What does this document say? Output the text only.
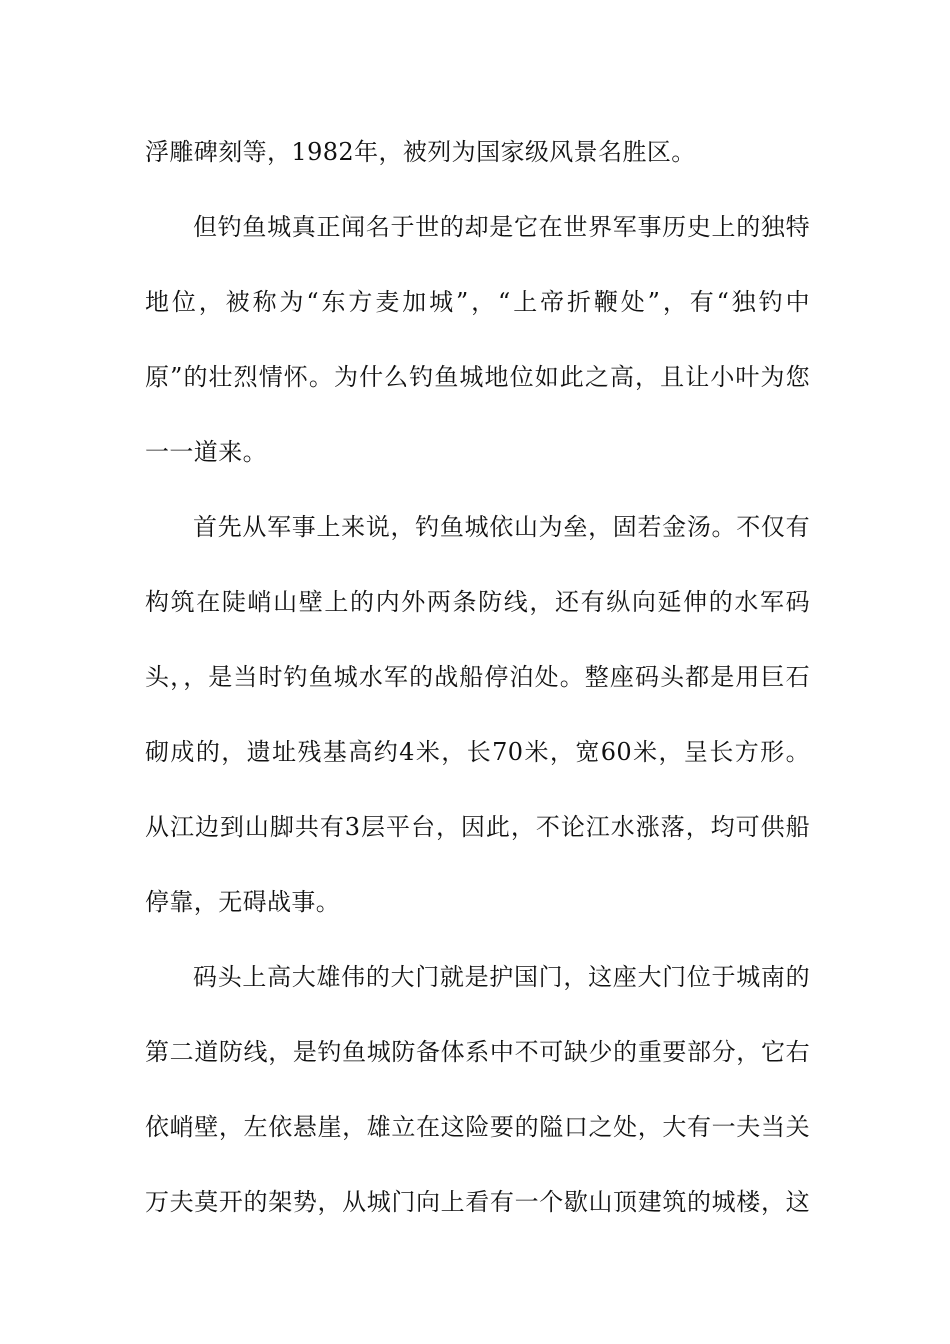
浮雕碑刻等，1982年，被列为国家级风景名胜区。
但钓鱼城真正闻名于世的却是它在世界军事历史上的独特
地位，被称为“东方麦加城”，“上帝折鞭处”，有“独钓中
原”的壮烈情怀。为什么钓鱼城地位如此之高，且让小叶为您
一一道来。
首先从军事上来说，钓鱼城依山为垒，固若金汤。不仅有
构筑在陡峭山壁上的内外两条防线，还有纵向延伸的水军码
头，，是当时钓鱼城水军的战船停泊处。整座码头都是用巨石
砌成的，遗址残基高约4米，长70米，宽60米，呈长方形。
从江边到山脚共有3层平台，因此，不论江水涨落，均可供船
停靠，无碍战事。
码头上高大雄伟的大门就是护国门，这座大门位于城南的
第二道防线，是钓鱼城防备体系中不可缺少的重要部分，它右
依峭壁，左依悬崖，雄立在这险要的隘口之处，大有一夫当关
万夫莫开的架势，从城门向上看有一个歇山顶建筑的城楼，这
